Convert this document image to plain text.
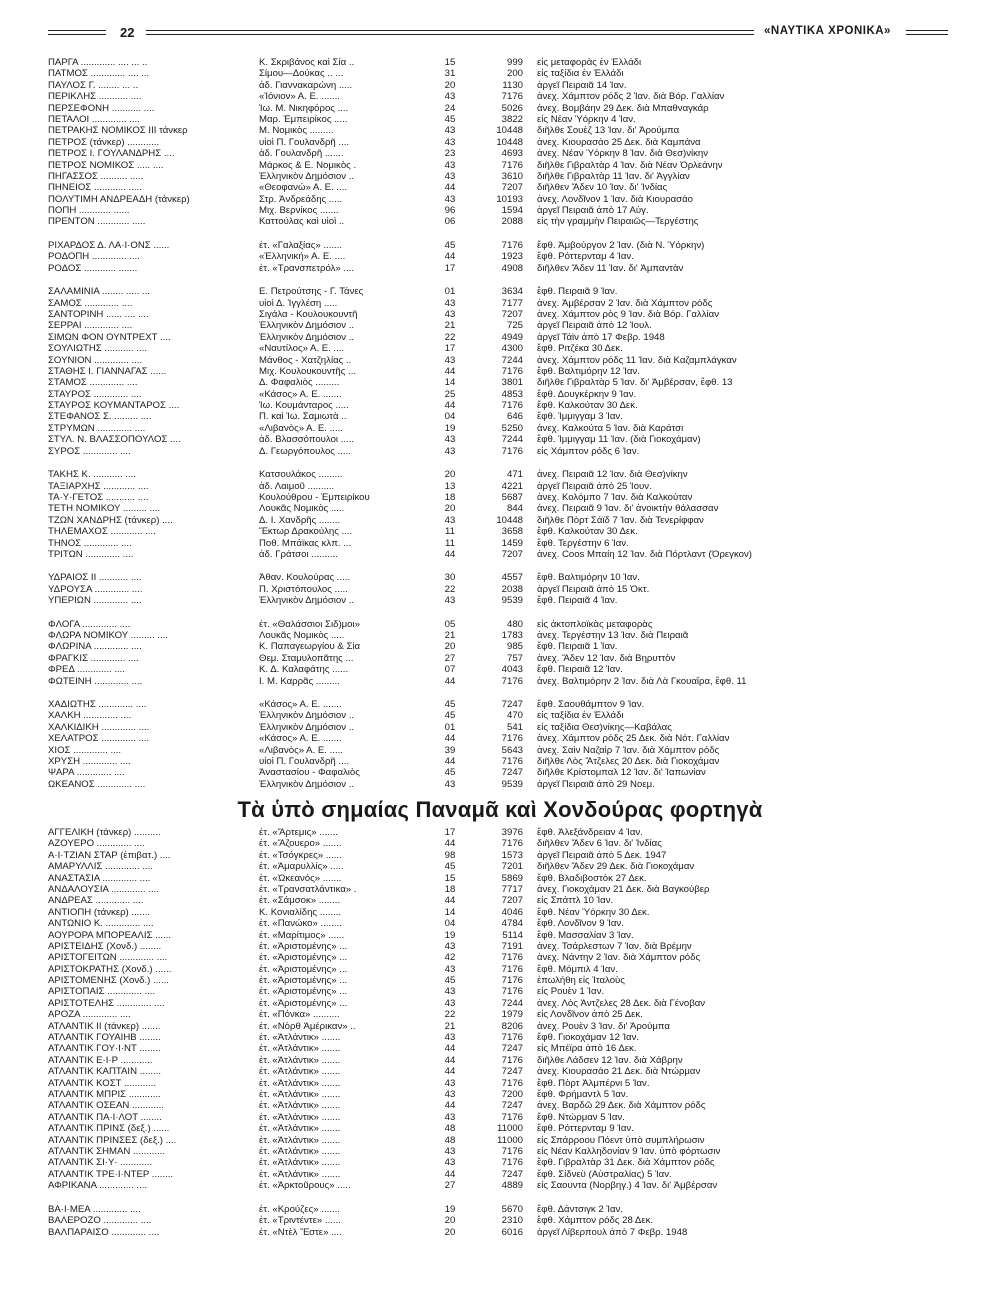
22	«ΝΑΥΤΙΚΑ ΧΡΟΝΙΚΑ»
ΠΑΡΓΑ ............. .... ... ..	Κ. Σκριβάνος καὶ Σία ..	15	999 εἰς μεταφορὰς ἐν Ἑλλάδι
ΠΑΤΜΟΣ ............. .... ...	Σίμου—Δούκας .. ...	31	200 εἰς ταξίδια ἐν Ἑλλάδι
ΠΑΥΛΟΣ Γ. ........ ... ..	ἀδ. Γιαννακαρώνη .....	20	1130 ἀργεῖ Πειραιᾶ 14 Ἰαν.
ΠΕΡΙΚΛΗΣ ........... ....	«Ἰόνιον» Α. Ε. .......	43	7176 ἀνεχ. Χάμπτον ρόδς 2 Ἰαν. διὰ Βόρ. Γαλλίαν
ΠΕΡΣΕΦΟΝΗ ........... ....	Ἰω. Μ. Νικηφόρος ....	24	5026 ἀνεχ. Βομβάην 29 Δεκ. διὰ Μπαθναγκάρ
ΠΕΤΑΛΟΙ ............. ....	Μαρ. Ἐμπειρίκος .....	45	3822 εἰς Νέαν Ὑόρκην 4 Ἰαν.
ΠΕΤΡΑΚΗΣ ΝΟΜΙΚΟΣ ΙΙΙ τάνκερ	Μ. Νομικὸς .........	43	10448 διῆλθε Σουὲζ 13 Ἰαν. δι' Ἀρούμπα
ΠΕΤΡΟΣ (τάνκερ) ............	υἱοὶ Π. Γουλανδρῆ ....	43	10448 ἀνεχ. Κιουρασάο 25 Δεκ. διὰ Καμπάνα
ΠΕΤΡΟΣ Ι. ΓΟΥΛΑΝΔΡΗΣ ....	ἀδ. Γουλανδρῆ .......	23	4693 ἀνεχ. Νέαν Ὑόρκην 8 Ἰαν. διὰ Θεσ)νίκην
ΠΕΤΡΟΣ ΝΟΜΙΚΟΣ ..... ....	Μάρκος & Ε. Νομικὸς .	43	7176 διῆλθε Γιβραλτὰρ 4 Ἰαν. διὰ Νέαν Ὀρλεάνην
ΠΗΓΑΣΣΟΣ .......... .....	Ἑλληνικὸν Δημόσιον ..	43	3610 διῆλθε Γιβραλτὰρ 11 Ἰαν. δι' Ἀγγλίαν
ΠΗΝΕΙΟΣ ............ .....	«Θεοφανώ» Α. Ε. ....	44	7207 διῆλθεν Ἄδεν 10 Ἰαν. δι' Ἰνδίας
ΠΟΛΥΤΙΜΗ ΑΝΔΡΕΑΔΗ (τάνκερ)	Στρ. Ἀνδρεάδης .....	43	10193 ἀνεχ. Λονδῖνον 1 Ἰαν. διὰ Κιουρασάο
ΠΟΠΗ ............ ......	Μιχ. Βερνίκος .......	96	1594 ἀργεῖ Πειραιᾶ ἀπὸ 17 Αὐγ.
ΠΡΕΝΤΟΝ ............ .....	Καττούλας καὶ υἱοὶ ..	06	2088 εἰς τὴν γραμμὴν Πειραιῶς—Τεργέστης
ΡΙΧΑΡΔΟΣ Δ. ΛΑ·Ι·ΟΝΣ ......	ἑτ. «Γαλαξίας» .......	45	7176 ἔφθ. Ἀμβούργον 2 Ἰαν. (διὰ Ν. Ὑόρκην)
ΡΟΔΟΠΗ ............. ....	«Ἑλληνική» Α. Ε. ....	44	1923 ἔφθ. Ρόττερνταμ 4 Ἰαν.
ΡΟΔΟΣ ............ .......	ἑτ. «Τρανσπετρόλ» ....	17	4908 διῆλθεν Ἄδεν 11 Ἰαν. δι' Ἀμπαντὰν
ΣΑΛΑΜΙΝΙΑ ........ ..... ...	Ε. Πετρούτσης - Γ. Τάνες	01	3634 ἔφθ. Πειραιᾶ 9 Ἰαν.
ΣΑΜΟΣ ............. ....	υἱοὶ Δ. Ἰγγλέση .....	43	7177 ἀνεχ. Ἀμβέρσαν 2 Ἰαν. διὰ Χάμπτον ρόδς
ΣΑΝΤΟΡΙΝΗ ...... .... ....	Σιγάλα - Κουλουκουντῆ	43	7207 ἀνεχ. Χάμπτον ρὸς 9 Ἰαν. διὰ Βόρ. Γαλλίαν
ΣΕΡΡΑΙ ............. ....	Ἑλληνικὸν Δημόσιον ..	21	725 ἀργεῖ Πειραιᾶ ἀπὸ 12 Ἰουλ.
ΣΙΜΩΝ ΦΟΝ ΟΥΝΤΡΕΧΤ ....	Ἑλληνικὸν Δημόσιον ..	22	4949 ἀργεῖ Τάϊν ἀπὸ 17 Φεβρ. 1948
ΣΟΥΛΙΩΤΗΣ ........... ....	«Ναυτίλος» Α. Ε. ....	17	4300 ἔφθ. Ριτζέκα 30 Δεκ.
ΣΟΥΝΙΟΝ ............. ....	Μάνθος - Χατζηλίας ..	43	7244 ἀνεχ. Χάμπτον ρόδς 11 Ἰαν. διὰ Καζαμπλάγκαν
ΣΤΑΘΗΣ Ι. ΓΙΑΝΝΑΓΑΣ ......	Μιχ. Κουλουκουντῆς ...	44	7176 ἔφθ. Βαλτιμόρην 12 Ἰαν.
ΣΤΑΜΟΣ ............. ....	Δ. Φαφαλιὸς .........	14	3801 διῆλθε Γιβραλτὰρ 5 Ἰαν. δι' Ἀμβέρσαν, ἔφθ. 13
ΣΤΑΥΡΟΣ ............. ....	«Κάσος» Α. Ε. .......	25	4853 ἔφθ. Δουγκέρκην 9 Ἰαν.
ΣΤΑΥΡΟΣ ΚΟΥΜΑΝΤΑΡΟΣ ....	Ἰω. Κουμάνταρος .....	44	7176 ἔφθ. Καλκούταν 30 Δεκ.
ΣΤΕΦΑΝΟΣ Σ. ......... ....	Π. καὶ Ἰω. Σαμιωτὰ ..	04	646 ἔφθ. Ἰμμιγγαμ 3 Ἰαν.
ΣΤΡΥΜΩΝ ............. ....	«Λιβανὸς» Α. Ε. .....	19	5250 ἀνεχ. Καλκούτα 5 Ἰαν. διὰ Καράτσι
ΣΤΥΛ. Ν. ΒΛΑΣΣΟΠΟΥΛΟΣ ....	ἀδ. Βλασσόπουλοι .....	43	7244 ἔφθ. Ἰμμιγγαμ 11 Ἰαν. (διὰ Γιοκοχάμαν)
ΣΥΡΟΣ ............. ....	Δ. Γεωργόπουλος .....	43	7176 εἰς Χάμπτον ρόδς 6 Ἰαν.
ΤΑΚΗΣ Κ. ........... ....	Κατσουλάκος .........	20	471 ἀνεχ. Πειραιᾶ 12 Ἰαν. διὰ Θεσ)νίκην
ΤΑΞΙΑΡΧΗΣ ............ ....	ἀδ. Λαιμοῦ ..........	13	4221 ἀργεῖ Πειραιᾶ ἀπὸ 25 Ἰουν.
ΤΑ·Υ·ΓΕΤΟΣ ........... ....	Κουλούθρου - Ἐμπειρίκου	18	5687 ἀνεχ. Κολόμπο 7 Ἰαν. διὰ Καλκούταν
ΤΕΤΗ ΝΟΜΙΚΟΥ ......... ....	Λουκᾶς Νομικὸς .....	20	844 ἀνεχ. Πειραιᾶ 9 Ἰαν. δι' ἀνοικτὴν θάλασσαν
ΤΖΩΝ ΧΑΝΔΡΗΣ (τάνκερ) ....	Δ. Ι. Χανδρῆς ........	43	10448 διῆλθε Πὸρτ Σάϊδ 7 Ἰαν. διὰ Τενερίφφαν
ΤΗΛΕΜΑΧΟΣ ............ ....	Ἕκτωρ Δρακούλης ....	11	3658 ἔφθ. Καλκούταν 30 Δεκ.
ΤΗΝΟΣ ............. ....	Ποθ. Μπάϊκας κλπ. ...	11	1459 ἔφθ. Τεργέστην 6 Ἰαν.
ΤΡΙΤΩΝ ............. ....	ἀδ. Γράτσοι ..........	44	7207 ἀνεχ. Coos Μπαίη 12 Ἰαν. διὰ Πόρτλαντ (Ὀρεγκον)
ΥΔΡΑΙΟΣ ΙΙ ........... ....	Ἀθαν. Κουλούρας .....	30	4557 ἔφθ. Βαλτιμόρην 10 Ἰαν.
ΥΔΡΟΥΣΑ ............. ....	Π. Χριστόπουλος .....	22	2038 ἀργεῖ Πειραιᾶ ἀπὸ 15 Ὀκτ.
ΥΠΕΡΙΩΝ ............. ....	Ἑλληνικὸν Δημόσιον ..	43	9539 ἔφθ. Πειραιᾶ 4 Ἰαν.
ΦΛΟΓΑ ............. ....	ἑτ. «Θαλάσσιοι Σιδ)μοι»	05	480 εἰς ἀκτοπλοϊκὰς μεταφορὰς
ΦΛΩΡΑ ΝΟΜΙΚΟΥ ......... ....	Λουκᾶς Νομικὸς .....	21	1783 ἀνεχ. Τεργέστην 13 Ἰαν. διὰ Πειραιᾶ
ΦΛΩΡΙΝΑ ............. ....	Κ. Παπαγεωργίου & Σία	20	985 ἔφθ. Πειραιᾶ 1 Ἰαν.
ΦΡΑΓΚΙΣ ............. ....	Θεμ. Σταμυλοπᾶτης ...	27	757 ἀνεχ. Ἄδεν 12 Ἰαν. διὰ Βηρυττὸν
ΦΡΕΔ ............. ....	Κ. Δ. Καλαφάτης ......	07	4043 ἔφθ. Πειραιᾶ 12 Ἰαν.
ΦΩΤΕΙΝΗ ............. ....	Ι. Μ. Καρρᾶς .........	44	7176 ἀνεχ. Βαλτιμόρην 2 Ἰαν. διὰ Λὰ Γκουαΐρα, ἔφθ. 11
ΧΑΔΙΩΤΗΣ ............. ....	«Κάσος» Α. Ε. .......	45	7247 ἔφθ. Σαουθάμπτον 9 Ἰαν.
ΧΑΛΚΗ ............. ....	Ἑλληνικὸν Δημόσιον ..	45	470 εἰς ταξίδια ἐν Ἑλλάδι
ΧΑΛΚΙΔΙΚΗ ............. ....	Ἑλληνικὸν Δημόσιον ..	01	541 εἰς ταξίδια Θεσ)νίκης—Καβάλας
ΧΕΛΑΤΡΟΣ ............. ....	«Κάσος» Α. Ε. .......	44	7176 ἀνεχ. Χάμπτον ρόδς 25 Δεκ. διὰ Νότ. Γαλλίαν
ΧΙΟΣ ............. ....	«Λιβανὸς» Α. Ε. .....	39	5643 ἀνεχ. Σαὶν Ναζαὶρ 7 Ἰαν. διὰ Χάμπτον ρόδς
ΧΡΥΣΗ ............. ....	υἱοὶ Π. Γουλανδρῆ ....	44	7176 διῆλθε Λὸς Ἄτζελες 20 Δεκ. διὰ Γιοκοχάμαν
ΨΑΡΑ ............. ....	Ἀναστασίου - Φαφαλιὸς	45	7247 διῆλθε Κρίστομπαλ 12 Ἰαν. δι' Ἰαπωνίαν
ΩΚΕΑΝΟΣ ............. ....	Ἑλληνικὸν Δημόσιον ..	43	9539 ἀργεῖ Πειραιᾶ ἀπὸ 29 Νοεμ.
Τὰ ὑπὸ σημαίας Παναμᾶ καὶ Χονδούρας φορτηγὰ
ΑΓΓΕΛΙΚΗ (τάνκερ) ..........	ἑτ. «Ἄρτεμις» .......	17	3976 ἔφθ. Ἀλεξάνδρειαν 4 Ἰαν.
ΑΖΟΥΕΡΟ ............. ....	ἑτ. «Ἄζουερο» .......	44	7176 διῆλθεν Ἄδεν 6 Ἰαν. δι' Ἰνδίας
Α·Ι·ΤΖΙΑΝ ΣΤΑΡ (ἐπιβατ.) ....	ἑτ. «Τσόγκρες» ......	98	1573 ἀργεῖ Πειραιᾶ ἀπὸ 5 Δεκ. 1947
ΑΜΑΡΥΛΛΙΣ ............. ....	ἑτ. «Ἀμαρυλλίς» .....	45	7201 διῆλθεν Ἄδεν 29 Δεκ. διὰ Γιοκοχάμαν
ΑΝΑΣΤΑΣΙΑ ............. ....	ἑτ. «Ὠκεανός» .......	15	5869 ἔφθ. Βλαδιβοστὸκ 27 Δεκ.
ΑΝΔΑΛΟΥΣΙΑ ............. ....	ἑτ. «Τρανσατλάντικα» .	18	7717 ἀνεχ. Γιοκοχάμαν 21 Δεκ. διὰ Βαγκούβερ
ΑΝΔΡΕΑΣ ............. ....	ἑτ. «Σάμσοκ» ........	44	7207 εἰς Σπάττλ 10 Ἰαν.
ΑΝΤΙΟΠΗ (τάνκερ) .......	Κ. Κονιαλίδης ........	14	4046 ἔφθ. Νέαν Ὑόρκην 30 Δεκ.
ΑΝΤΩΝΙΟ Κ. ............. ....	ἑτ. «Πανώκο» ........	04	4784 ἔφθ. Λονδῖνον 9 Ἰαν.
ΑΟΥΡΟΡΑ ΜΠΟΡΕΑΛΙΣ ......	ἑτ. «Μαρίτιμος» ......	19	5114 ἔφθ. Μασσαλίαν 3 Ἰαν.
ΑΡΙΣΤΕΙΔΗΣ (Χονδ.) ........	ἑτ. «Ἀριστομένης» ...	43	7191 ἀνεχ. Τσάρλεστων 7 Ἰαν. διὰ Βρέμην
ΑΡΙΣΤΟΓΕΙΤΩΝ ............. ....	ἑτ. «Ἀριστομένης» ...	42	7176 ἀνεχ. Νάντην 2 Ἰαν. διὰ Χάμπτον ρόδς
ΑΡΙΣΤΟΚΡΑΤΗΣ (Χονδ.) ......	ἑτ. «Ἀριστομένης» ...	43	7176 ἔφθ. Μόμπιλ 4 Ἰαν.
ΑΡΙΣΤΟΜΕΝΗΣ (Χονδ.) ......	ἑτ. «Ἀριστομένης» ...	45	7176 ἐπωλήθη εἰς Ἰταλοὺς
ΑΡΙΣΤΟΠΑΙΣ ............. ....	ἑτ. «Ἀριστομένης» ...	43	7176 εἰς Ρουὲν 1 Ἰαν.
ΑΡΙΣΤΟΤΕΛΗΣ ............. ....	ἑτ. «Ἀριστομένης» ...	43	7244 ἀνεχ. Λὸς Ἀντζελες 28 Δεκ. διὰ Γένοβαν
ΑΡΟΖΑ ............. ....	ἑτ. «Πόνκα» ..........	22	1979 εἰς Λονδῖνον ἀπὸ 25 Δεκ.
ΑΤΛΑΝΤΙΚ ΙΙ (τάνκερ) .......	ἑτ. «Νὸρθ Ἀμέρικαν» ..	21	8206 ἀνεχ. Ρουὲν 3 Ἰαν. δι' Ἀρούμπα
ΑΤΛΑΝΤΙΚ ΓΟΥΑΙΗΒ ........	ἑτ. «Ἀτλάντικ» .......	43	7176 ἔφθ. Γιοκοχάμαν 12 Ἰαν.
ΑΤΛΑΝΤΙΚ ΓΟΥ·Ι·ΝΤ ........	ἑτ. «Ἀτλάντικ» .......	44	7247 εἰς Μπέϊρα ἀπὸ 16 Δεκ.
ΑΤΛΑΝΤΙΚ Ε·Ι·Ρ ............	ἑτ. «Ἀτλάντικ» .......	44	7176 διῆλθε Λάδσεν 12 Ἰαν. διὰ Χάβρην
ΑΤΛΑΝΤΙΚ ΚΑΠΤΑΙΝ ........	ἑτ. «Ἀτλάντικ» .......	44	7247 ἀνεχ. Κιουρασάο 21 Δεκ. διὰ Ντώρμαν
ΑΤΛΑΝΤΙΚ ΚΟΣΤ ............	ἑτ. «Ἀτλάντικ» .......	43	7176 ἔφθ. Πὸρτ Ἀλμπέρνι 5 Ἰαν.
ΑΤΛΑΝΤΙΚ ΜΠΡΙΣ ............	ἑτ. «Ἀτλάντικ» .......	43	7200 ἔφθ. Φρήμαντλ 5 Ἰαν.
ΑΤΛΑΝΤΙΚ ΟΣΕΑΝ ............	ἑτ. «Ἀτλάντικ» .......	44	7247 ἀνεχ. Βαρδῶ 29 Δεκ. διὰ Χάμπτον ρόδς
ΑΤΛΑΝΤΙΚ ΠΑ·Ι·ΛΟΤ ........	ἑτ. «Ἀτλάντικ» .......	43	7176 ἔφθ. Ντώρμαν 5 Ἰαν.
ΑΤΛΑΝΤΙΚ ΠΡΙΝΣ (δεξ.) ......	ἑτ. «Ἀτλάντικ» .......	48	11000 ἔφθ. Ρόττερνταμ 9 Ἰαν.
ΑΤΛΑΝΤΙΚ ΠΡΙΝΣΕΣ (δεξ.) ....	ἑτ. «Ἀτλάντικ» .......	48	11000 εἰς Σπάρροου Πόεντ ὑπὸ συμπλήρωσιν
ΑΤΛΑΝΤΙΚ ΣΗΜΑΝ ............	ἑτ. «Ἀτλάντικ» .......	43	7176 εἰς Νέαν Καλληδονίαν 9 Ἰαν. ὑπὸ φόρτωσιν
ΑΤΛΑΝΤΙΚ ΣΙ·Υ· ............	ἑτ. «Ἀτλάντικ» .......	43	7176 ἔφθ. Γιβραλτὰρ 31 Δεκ. διὰ Χάμπτον ρόδς
ΑΤΛΑΝΤΙΚ ΤΡΕ·Ι·ΝΤΕΡ ........	ἑτ. «Ἀτλάντικ» .......	44	7247 ἔφθ. Σίδνεϋ (Αὐστραλίας) 5 Ἰαν.
ΑΦΡΙΚΑΝΑ ............. ....	ἑτ. «Ἀρκτοῦρους» .....	27	4889 εἰς Σαουντα (Νορβηγ.) 4 Ἰαν. δι' Ἀμβέρσαν
ΒΑ·Ι·ΜΕΑ ............. ....	ἑτ. «Κρούζες» .......	19	5670 ἔφθ. Δάντσιγκ 2 Ἰαν.
ΒΑΛΕΡΟΖΟ ............. ....	ἑτ. «Τριντέντε» ......	20	2310 ἔφθ. Χάμπτον ρόδς 28 Δεκ.
ΒΑΛΠΑΡΑΙΣΟ ............. ....	ἑτ. «Ντὲλ Ἔστε» ....	20	6016 ἀργεῖ Λίβερπουλ ἀπὸ 7 Φεβρ. 1948
